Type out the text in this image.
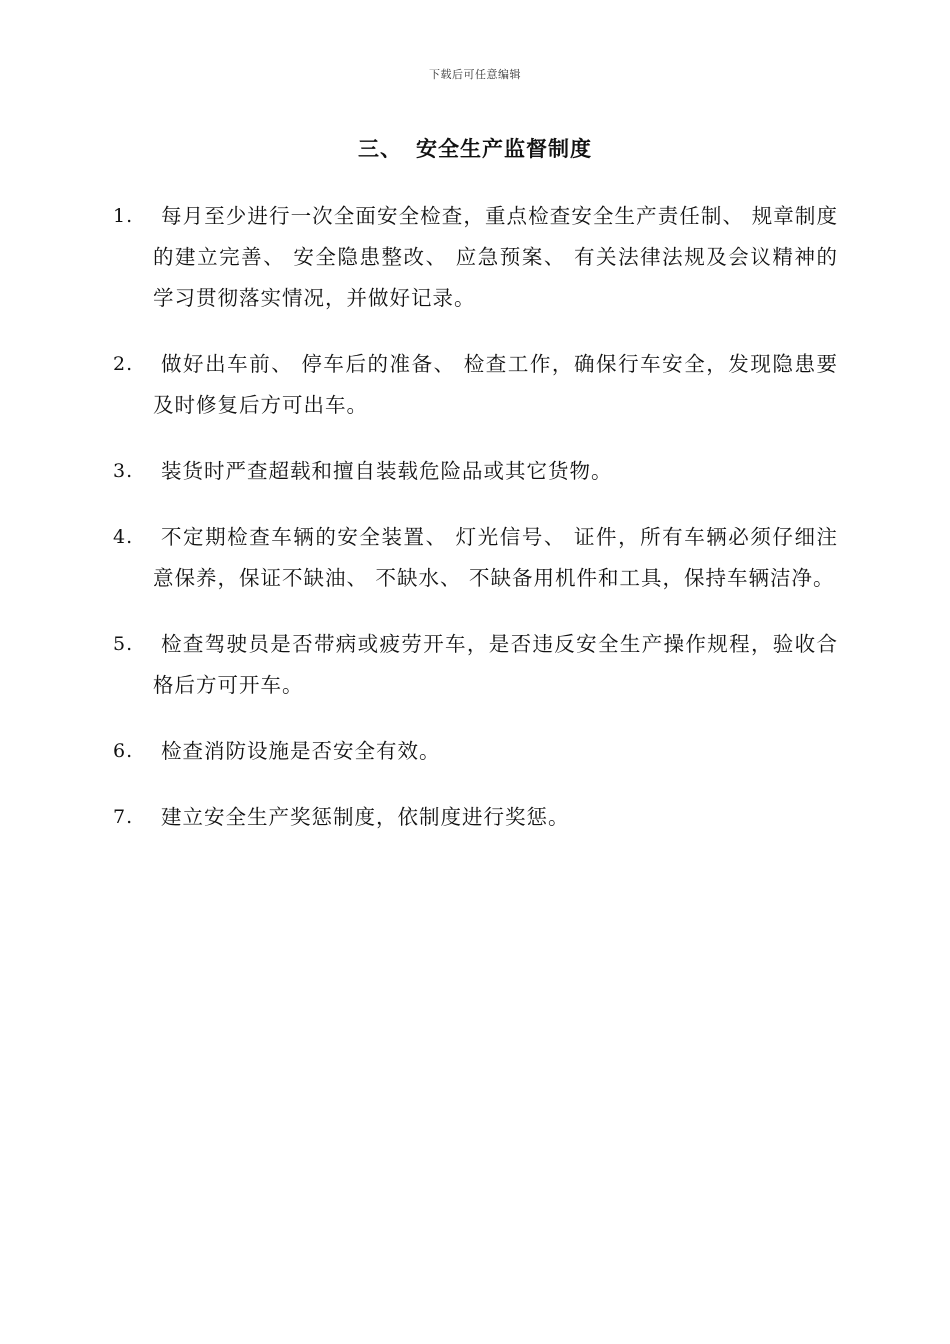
下载后可任意编辑
三、 安全生产监督制度
1.	每月至少进行一次全面安全检查，重点检查安全生产责任制、 规章制度的建立完善、 安全隐患整改、 应急预案、 有关法律法规及会议精神的学习贯彻落实情况，并做好记录。
2.	做好出车前、 停车后的准备、 检查工作，确保行车安全，发现隐患要及时修复后方可出车。
3.	装货时严查超载和擅自装载危险品或其它货物。
4.	不定期检查车辆的安全装置、 灯光信号、 证件，所有车辆必须仔细注意保养，保证不缺油、 不缺水、 不缺备用机件和工具，保持车辆洁净。
5.	检查驾驶员是否带病或疲劳开车，是否违反安全生产操作规程，验收合格后方可开车。
6.	检查消防设施是否安全有效。
7.	建立安全生产奖惩制度，依制度进行奖惩。
